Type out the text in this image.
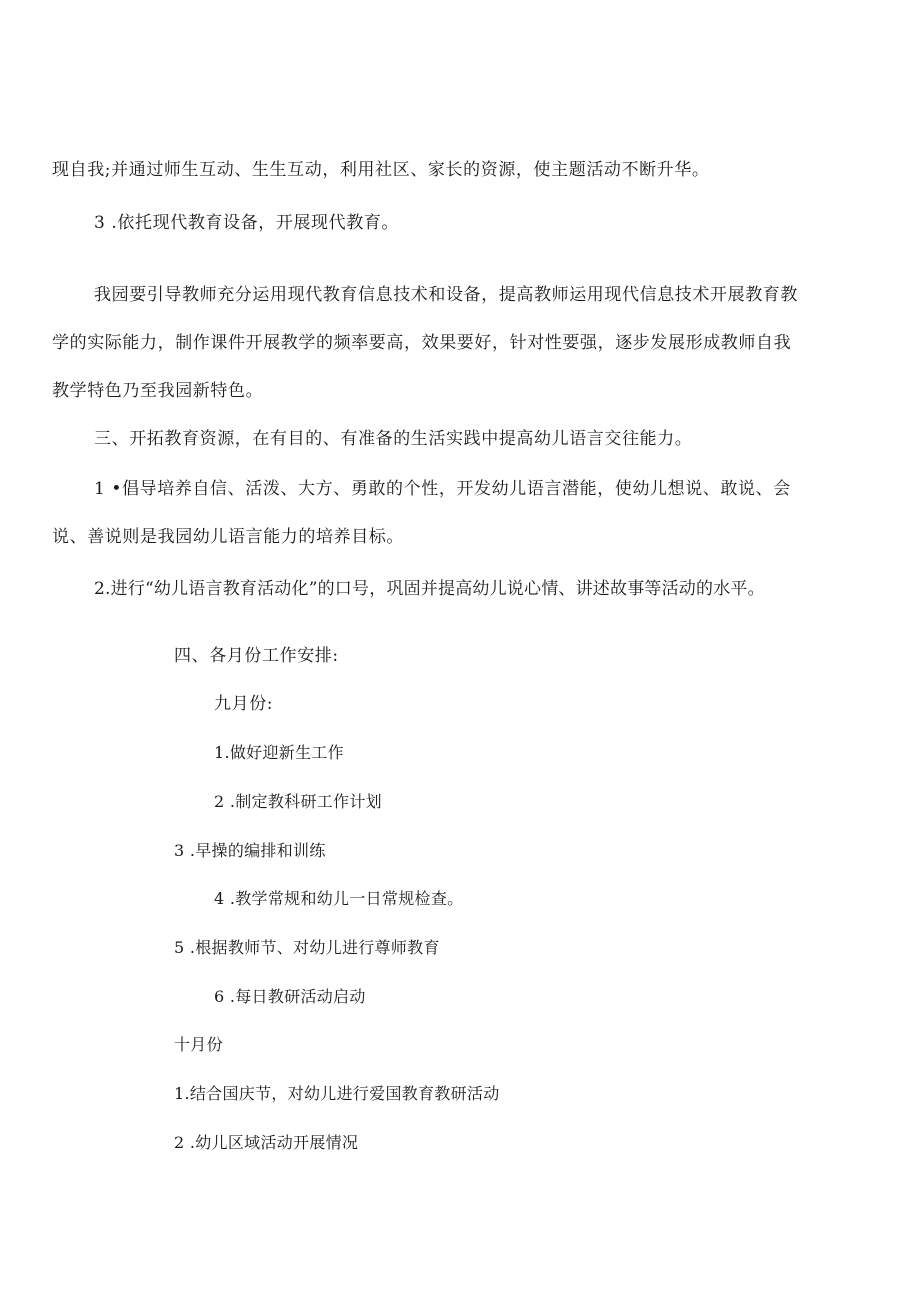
现自我;并通过师生互动、生生互动，利用社区、家长的资源，使主题活动不断升华。
3 .依托现代教育设备，开展现代教育。
我园要引导教师充分运用现代教育信息技术和设备，提高教师运用现代信息技术开展教育教
学的实际能力，制作课件开展教学的频率要高，效果要好，针对性要强，逐步发展形成教师自我
教学特色乃至我园新特色。
三、开拓教育资源，在有目的、有准备的生活实践中提高幼儿语言交往能力。
1 •倡导培养自信、活泼、大方、勇敢的个性，开发幼儿语言潜能，使幼儿想说、敢说、会
说、善说则是我园幼儿语言能力的培养目标。
2.进行“幼儿语言教育活动化”的口号，巩固并提高幼儿说心情、讲述故事等活动的水平。
四、各月份工作安排:
九月份:
1.做好迎新生工作
2 .制定教科研工作计划
3 .早操的编排和训练
4 .教学常规和幼儿一日常规检查。
5 .根据教师节、对幼儿进行尊师教育
6 .每日教研活动启动
十月份
1.结合国庆节，对幼儿进行爱国教育教研活动
2 .幼儿区域活动开展情况
